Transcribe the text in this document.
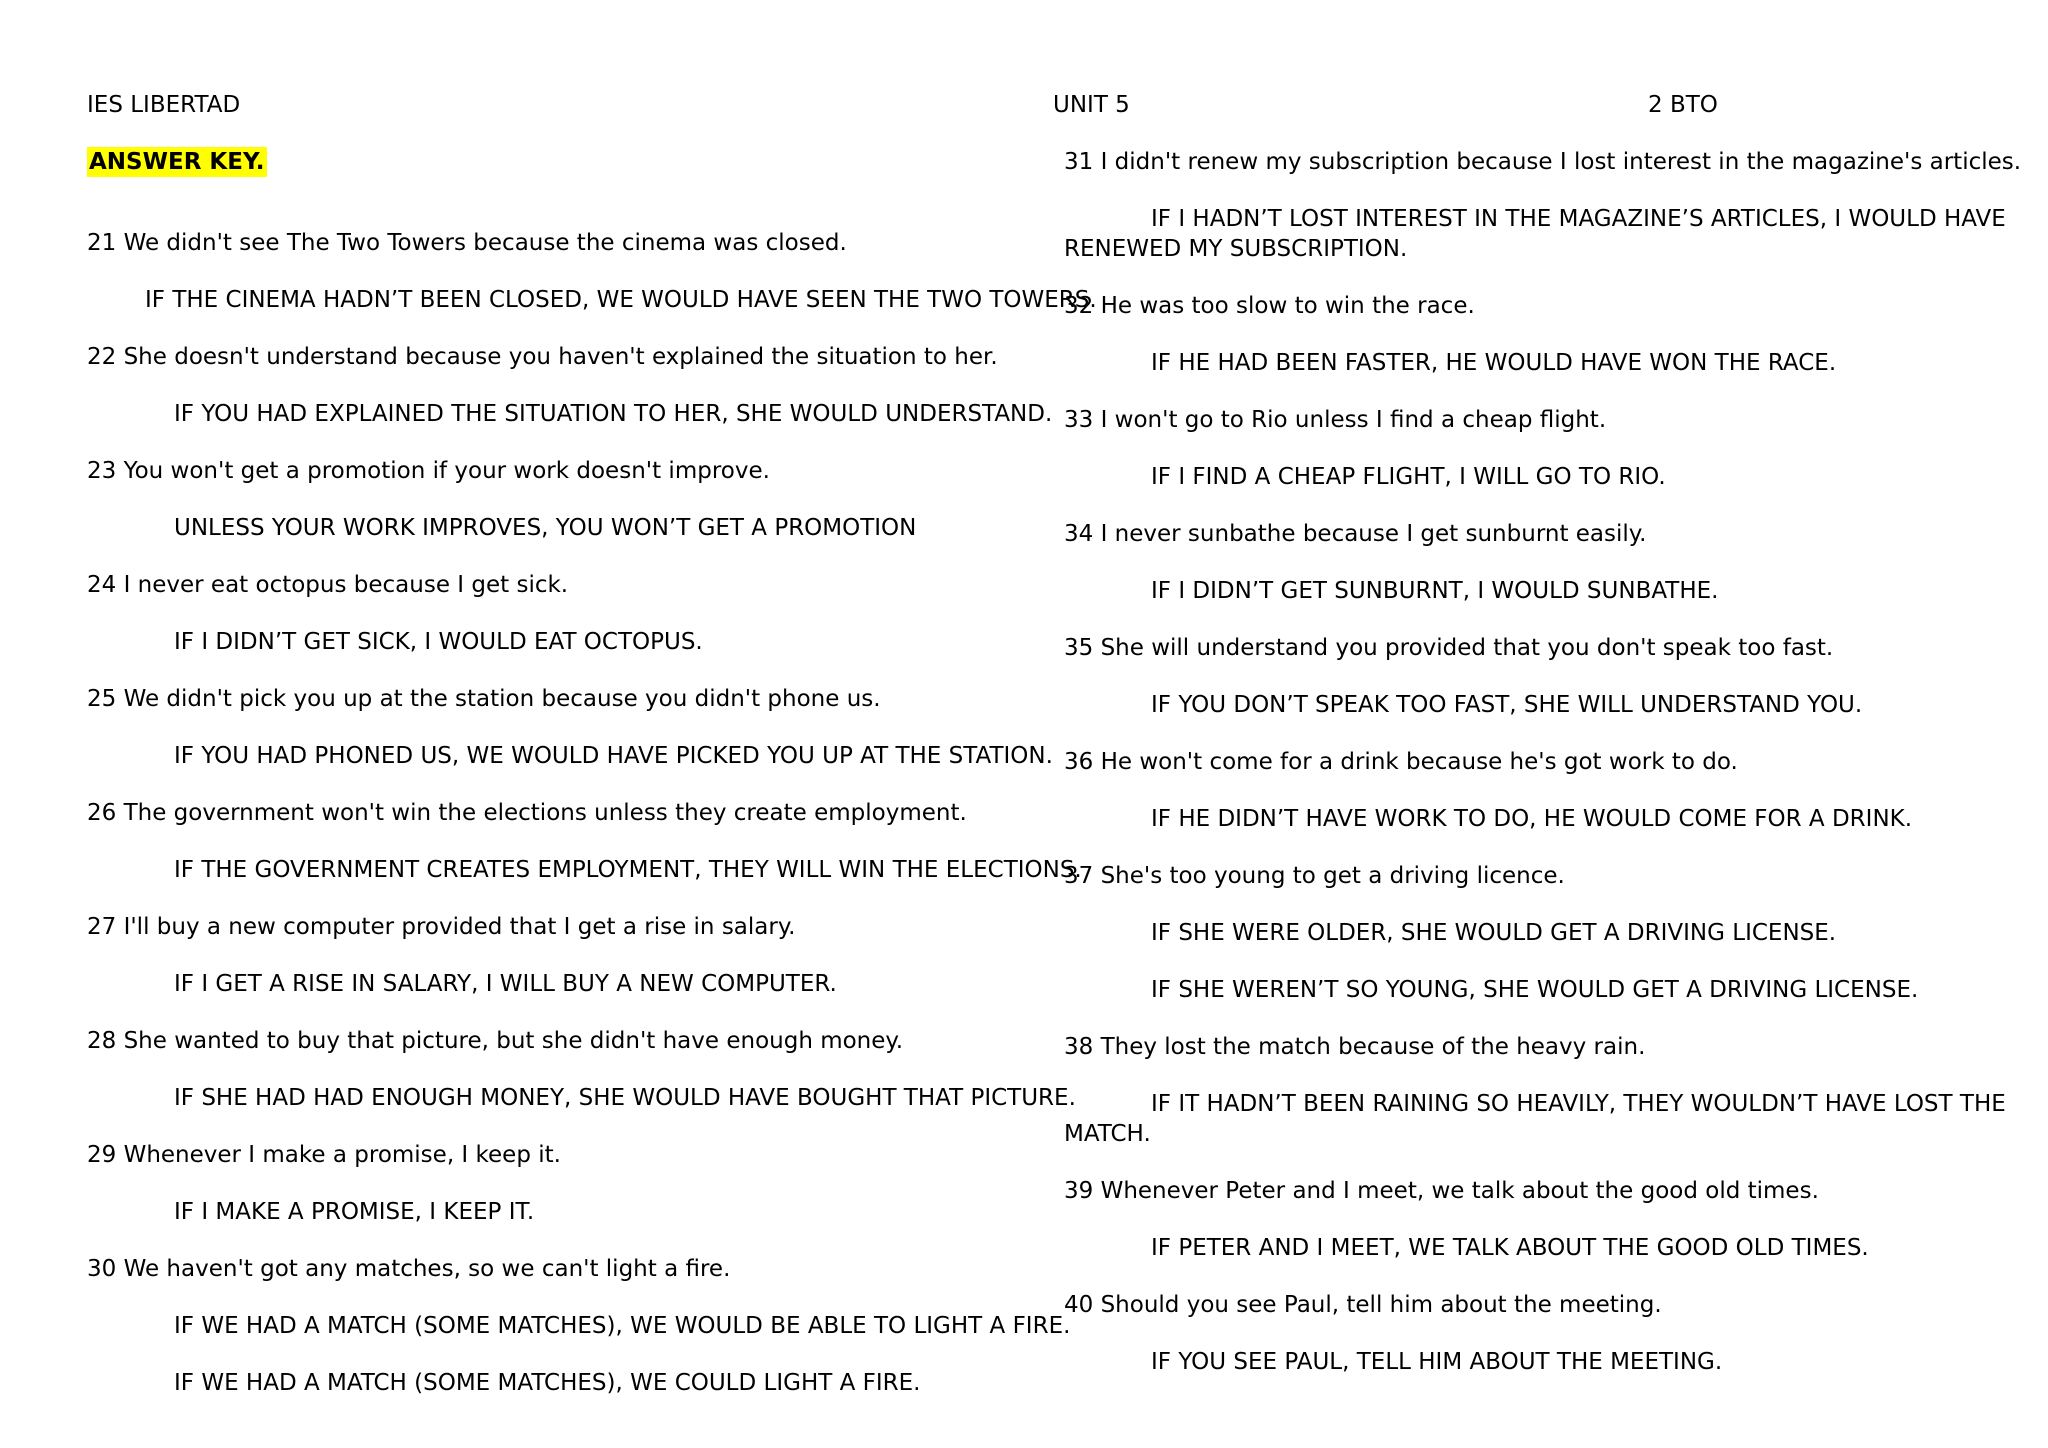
IES LIBERTAD	UNIT 5	2 BTO

ANSWER KEY.

21 We didn't see The Two Towers because the cinema was closed.

IF THE CINEMA HADN’T BEEN CLOSED, WE WOULD HAVE SEEN THE TWO TOWERS.

22 She doesn't understand because you haven't explained the situation to her.

IF YOU HAD EXPLAINED THE SITUATION TO HER, SHE WOULD UNDERSTAND.

23 You won't get a promotion if your work doesn't improve.

UNLESS YOUR WORK IMPROVES, YOU WON’T GET A PROMOTION

24 I never eat octopus because I get sick.

IF I DIDN’T GET SICK, I WOULD EAT OCTOPUS.

25 We didn't pick you up at the station because you didn't phone us.

IF YOU HAD PHONED US, WE WOULD HAVE PICKED YOU UP AT THE STATION.

26 The government won't win the elections unless they create employment.

IF THE GOVERNMENT CREATES EMPLOYMENT, THEY WILL WIN THE ELECTIONS.

27 I'll buy a new computer provided that I get a rise in salary.

IF I GET A RISE IN SALARY, I WILL BUY A NEW COMPUTER.

28 She wanted to buy that picture, but she didn't have enough money.

IF SHE HAD HAD ENOUGH MONEY, SHE WOULD HAVE BOUGHT THAT PICTURE.

29 Whenever I make a promise, I keep it.

IF I MAKE A PROMISE, I KEEP IT.

30 We haven't got any matches, so we can't light a fire.

IF WE HAD A MATCH (SOME MATCHES), WE WOULD BE ABLE TO LIGHT A FIRE.

IF WE HAD A MATCH (SOME MATCHES), WE COULD LIGHT A FIRE.

31 I didn't renew my subscription because I lost interest in the magazine's articles.

IF I HADN’T LOST INTEREST IN THE MAGAZINE’S ARTICLES, I WOULD HAVE RENEWED MY SUBSCRIPTION.

32 He was too slow to win the race.

IF HE HAD BEEN FASTER, HE WOULD HAVE WON THE RACE.

33 I won't go to Rio unless I find a cheap flight.

IF I FIND A CHEAP FLIGHT, I WILL GO TO RIO.

34 I never sunbathe because I get sunburnt easily.

IF I DIDN’T GET SUNBURNT, I WOULD SUNBATHE.

35 She will understand you provided that you don't speak too fast.

IF YOU DON’T SPEAK TOO FAST, SHE WILL UNDERSTAND YOU.

36 He won't come for a drink because he's got work to do.

IF HE DIDN’T HAVE WORK TO DO, HE WOULD COME FOR A DRINK.

37 She's too young to get a driving licence.

IF SHE WERE OLDER, SHE WOULD GET A DRIVING LICENSE.

IF SHE WEREN’T SO YOUNG, SHE WOULD GET A DRIVING LICENSE.

38 They lost the match because of the heavy rain.

IF IT HADN’T BEEN RAINING SO HEAVILY, THEY WOULDN’T HAVE LOST THE MATCH.

39 Whenever Peter and I meet, we talk about the good old times.

IF PETER AND I MEET, WE TALK ABOUT THE GOOD OLD TIMES.

40 Should you see Paul, tell him about the meeting.

IF YOU SEE PAUL, TELL HIM ABOUT THE MEETING.
